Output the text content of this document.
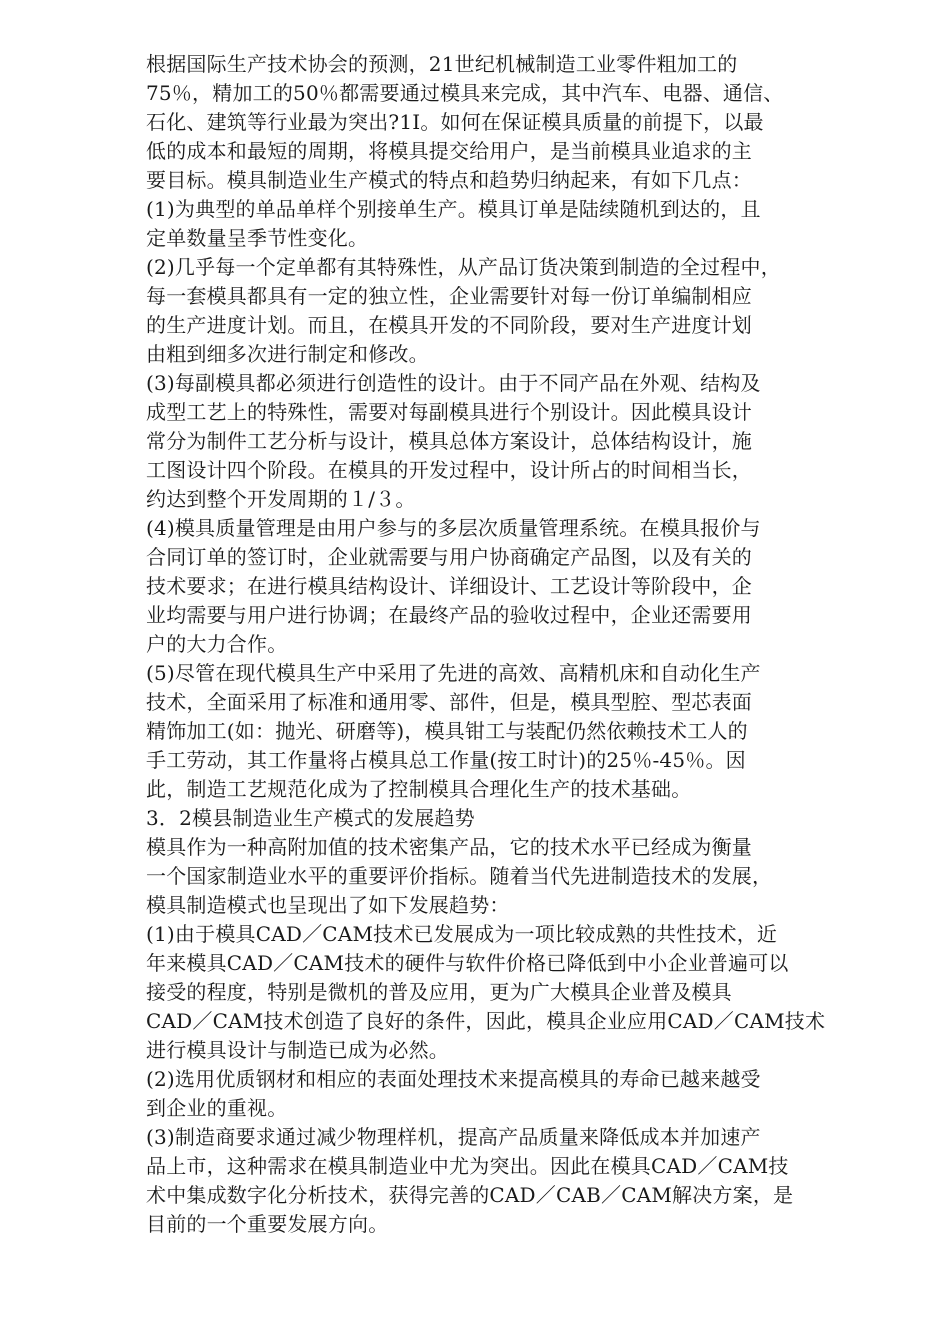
根据国际生产技术协会的预测，21世纪机械制造工业零件粗加工的
75％，精加工的50％都需要通过模具来完成，其中汽车、电器、通信、
石化、建筑等行业最为突出?1I。如何在保证模具质量的前提下，以最
低的成本和最短的周期，将模具提交给用户，是当前模具业追求的主
要目标。模具制造业生产模式的特点和趋势归纳起来，有如下几点：
(1)为典型的单品单样个别接单生产。模具订单是陆续随机到达的，且
定单数量呈季节性变化。
(2)几乎每一个定单都有其特殊性，从产品订货决策到制造的全过程中，
每一套模具都具有一定的独立性，企业需要针对每一份订单编制相应
的生产进度计划。而且，在模具开发的不同阶段，要对生产进度计划
由粗到细多次进行制定和修改。
(3)每副模具都必须进行创造性的设计。由于不同产品在外观、结构及
成型工艺上的特殊性，需要对每副模具进行个别设计。因此模具设计
常分为制件工艺分析与设计，模具总体方案设计，总体结构设计，施
工图设计四个阶段。在模具的开发过程中，设计所占的时间相当长，
约达到整个开发周期的１/３。
(4)模具质量管理是由用户参与的多层次质量管理系统。在模具报价与
合同订单的签订时，企业就需要与用户协商确定产品图，以及有关的
技术要求；在进行模具结构设计、详细设计、工艺设计等阶段中，企
业均需要与用户进行协调；在最终产品的验收过程中，企业还需要用
户的大力合作。
(5)尽管在现代模具生产中采用了先进的高效、高精机床和自动化生产
技术，全面采用了标准和通用零、部件，但是，模具型腔、型芯表面
精饰加工(如：抛光、研磨等)，模具钳工与装配仍然依赖技术工人的
手工劳动，其工作量将占模具总工作量(按工时计)的25％-45％。因
此，制造工艺规范化成为了控制模具合理化生产的技术基础。
3．2模县制造业生产模式的发展趋势
模具作为一种高附加值的技术密集产品，它的技术水平已经成为衡量
一个国家制造业水平的重要评价指标。随着当代先进制造技术的发展，
模具制造模式也呈现出了如下发展趋势：
(1)由于模具CAD／CAM技术已发展成为一项比较成熟的共性技术，近
年来模具CAD／CAM技术的硬件与软件价格已降低到中小企业普遍可以
接受的程度，特别是微机的普及应用，更为广大模具企业普及模具
CAD／CAM技术创造了良好的条件，因此，模具企业应用CAD／CAM技术
进行模具设计与制造已成为必然。
(2)选用优质钢材和相应的表面处理技术来提高模具的寿命已越来越受
到企业的重视。
(3)制造商要求通过减少物理样机，提高产品质量来降低成本并加速产
品上市，这种需求在模具制造业中尤为突出。因此在模具CAD／CAM技
术中集成数字化分析技术，获得完善的CAD／CAB／CAM解决方案，是
目前的一个重要发展方向。
